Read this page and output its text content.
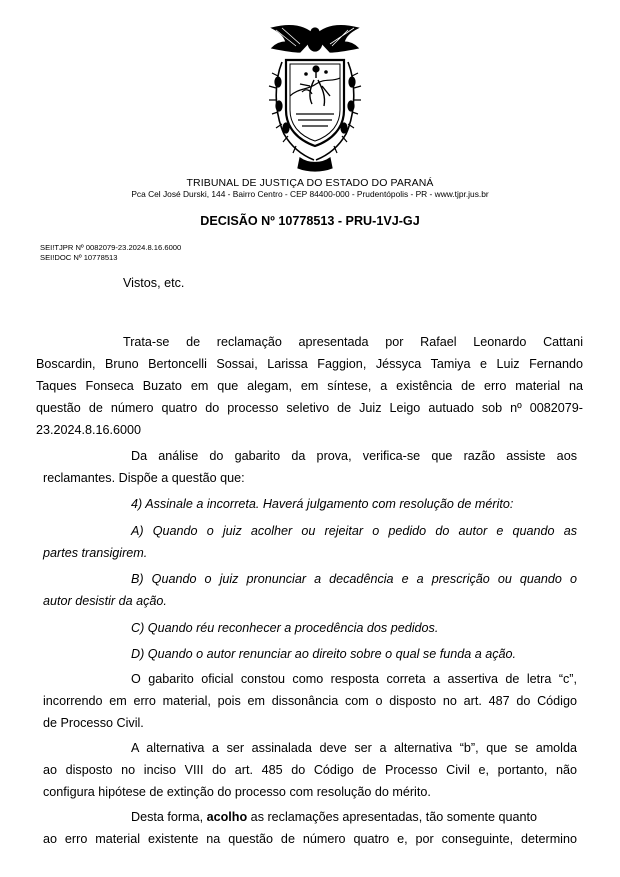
TRIBUNAL DE JUSTIÇA DO ESTADO DO PARANÁ
Pca Cel José Durski, 144 - Bairro Centro - CEP 84400-000 - Prudentópolis - PR - www.tjpr.jus.br
DECISÃO Nº 10778513 - PRU-1VJ-GJ
SEI!TJPR Nº 0082079-23.2024.8.16.6000
SEI!DOC Nº 10778513
Vistos, etc.
Trata-se de reclamação apresentada por Rafael Leonardo Cattani
Boscardin, Bruno Bertoncelli Sossai, Larissa Faggion, Jéssyca Tamiya e Luiz Fernando
Taques Fonseca Buzato em que alegam, em síntese, a existência de erro material na
questão de número quatro do processo seletivo de Juiz Leigo autuado sob nº 0082079-
23.2024.8.16.6000
Da análise do gabarito da prova, verifica-se que razão assiste aos
reclamantes. Dispõe a questão que:
4) Assinale a incorreta. Haverá julgamento com resolução de mérito:
A) Quando o juiz acolher ou rejeitar o pedido do autor e quando as
partes transigirem.
B) Quando o juiz pronunciar a decadência e a prescrição ou quando o
autor desistir da ação.
C) Quando réu reconhecer a procedência dos pedidos.
D) Quando o autor renunciar ao direito sobre o qual se funda a ação.
O gabarito oficial constou como resposta correta a assertiva de letra “c”,
incorrendo em erro material, pois em dissonância com o disposto no art. 487 do Código
de Processo Civil.
A alternativa a ser assinalada deve ser a alternativa “b”, que se amolda
ao disposto no inciso VIII do art. 485 do Código de Processo Civil e, portanto, não
configura hipótese de extinção do processo com resolução do mérito.
Desta forma, acolho as reclamações apresentadas, tão somente quanto
ao erro material existente na questão de número quatro e, por conseguinte, determino
